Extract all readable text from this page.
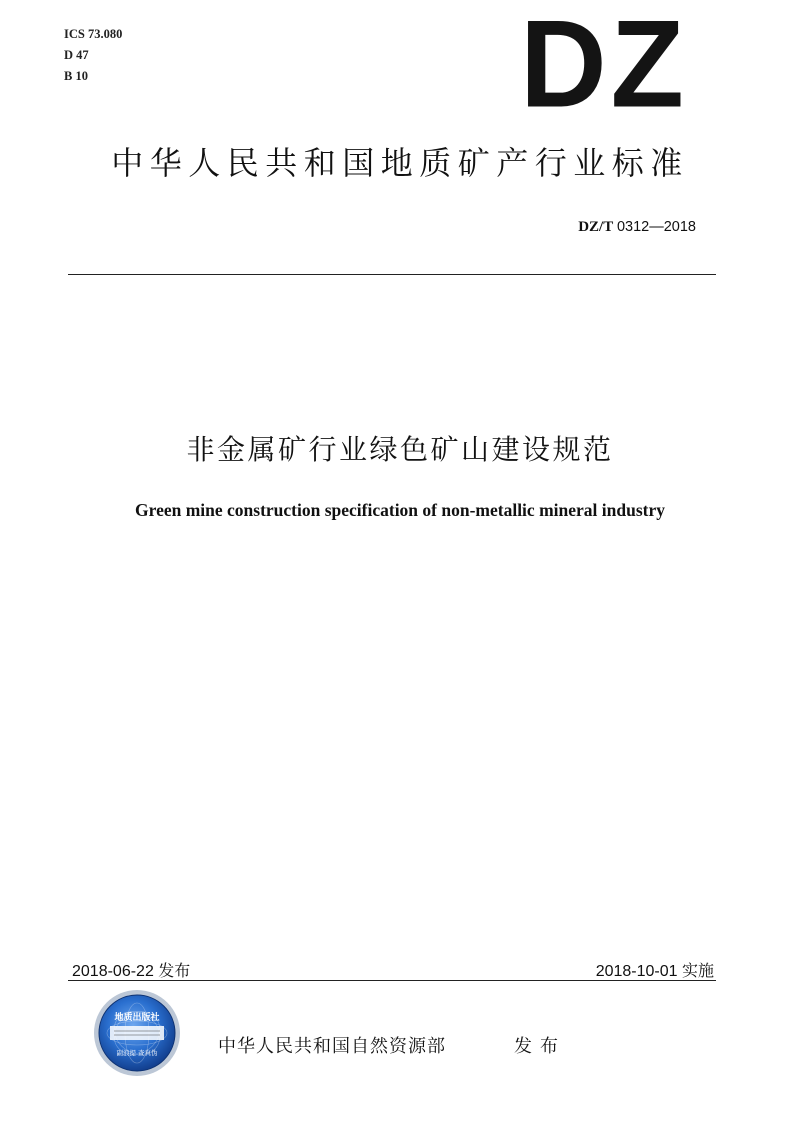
ICS 73.080
D 47
B 10	DZ
中华人民共和国地质矿产行业标准
DZ/T 0312—2018
非金属矿行业绿色矿山建设规范
Green mine construction specification of non-metallic mineral industry
2018-06-22 发布	2018-10-01 实施
地质出版社
副浪提 查真伪	中华人民共和国自然资源部	发布
